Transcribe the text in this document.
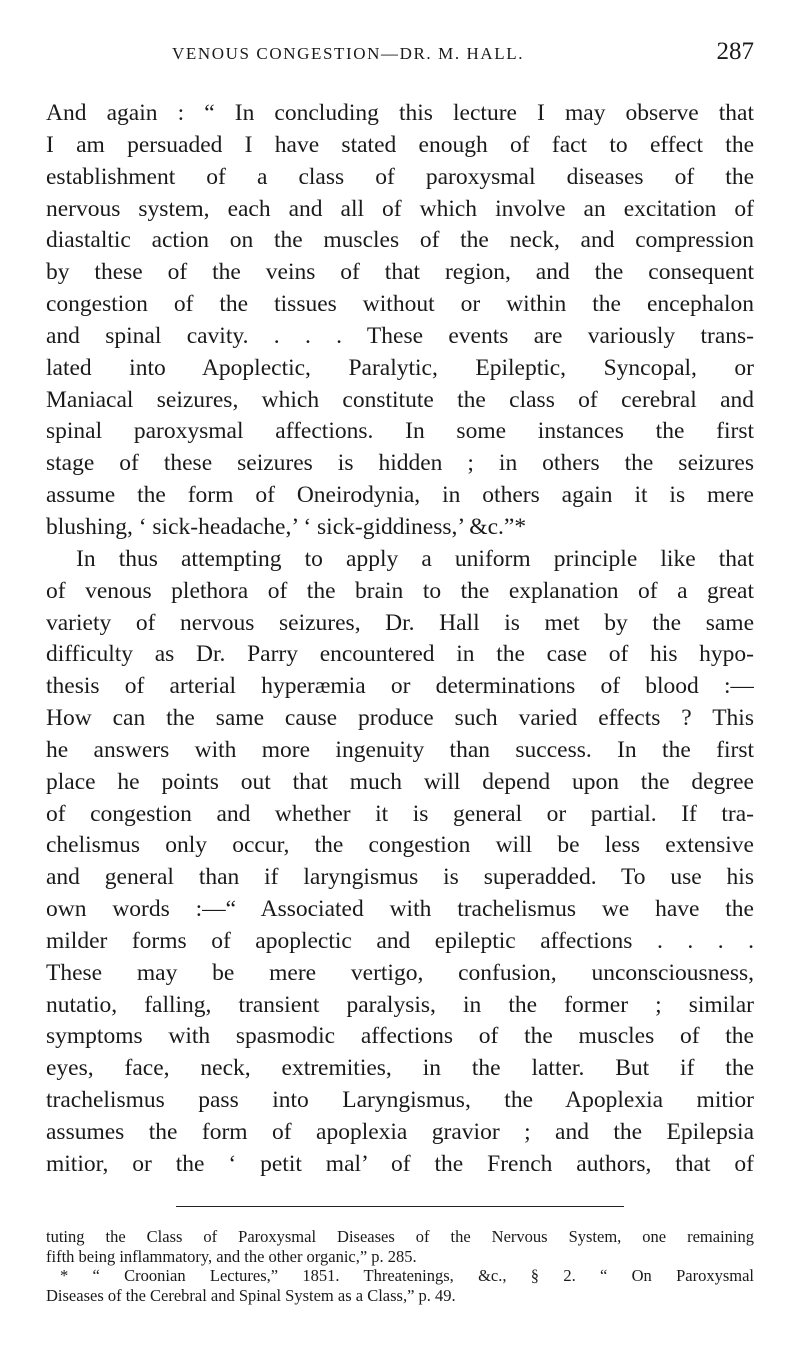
VENOUS CONGESTION—DR. M. HALL.	287
And again : “ In concluding this lecture I may observe that
I am persuaded I have stated enough of fact to effect the
establishment of a class of paroxysmal diseases of the
nervous system, each and all of which involve an excitation of
diastaltic action on the muscles of the neck, and compression
by these of the veins of that region, and the consequent
congestion of the tissues without or within the encephalon
and spinal cavity. . . . These events are variously trans-
lated into Apoplectic, Paralytic, Epileptic, Syncopal, or
Maniacal seizures, which constitute the class of cerebral and
spinal paroxysmal affections. In some instances the first
stage of these seizures is hidden ; in others the seizures
assume the form of Oneirodynia, in others again it is mere
blushing, ‘ sick-headache,’ ‘ sick-giddiness,’ &c.”*
In thus attempting to apply a uniform principle like that
of venous plethora of the brain to the explanation of a great
variety of nervous seizures, Dr. Hall is met by the same
difficulty as Dr. Parry encountered in the case of his hypo-
thesis of arterial hyperæmia or determinations of blood :—
How can the same cause produce such varied effects ? This
he answers with more ingenuity than success. In the first
place he points out that much will depend upon the degree
of congestion and whether it is general or partial. If tra-
chelismus only occur, the congestion will be less extensive
and general than if laryngismus is superadded. To use his
own words :—“ Associated with trachelismus we have the
milder forms of apoplectic and epileptic affections . . . .
These may be mere vertigo, confusion, unconsciousness,
nutatio, falling, transient paralysis, in the former ; similar
symptoms with spasmodic affections of the muscles of the
eyes, face, neck, extremities, in the latter. But if the
trachelismus pass into Laryngismus, the Apoplexia mitior
assumes the form of apoplexia gravior ; and the Epilepsia
mitior, or the ‘ petit mal’ of the French authors, that of
tuting the Class of Paroxysmal Diseases of the Nervous System, one remaining
fifth being inflammatory, and the other organic,” p. 285.
* “ Croonian Lectures,” 1851. Threatenings, &c., § 2. “ On Paroxysmal
Diseases of the Cerebral and Spinal System as a Class,” p. 49.
